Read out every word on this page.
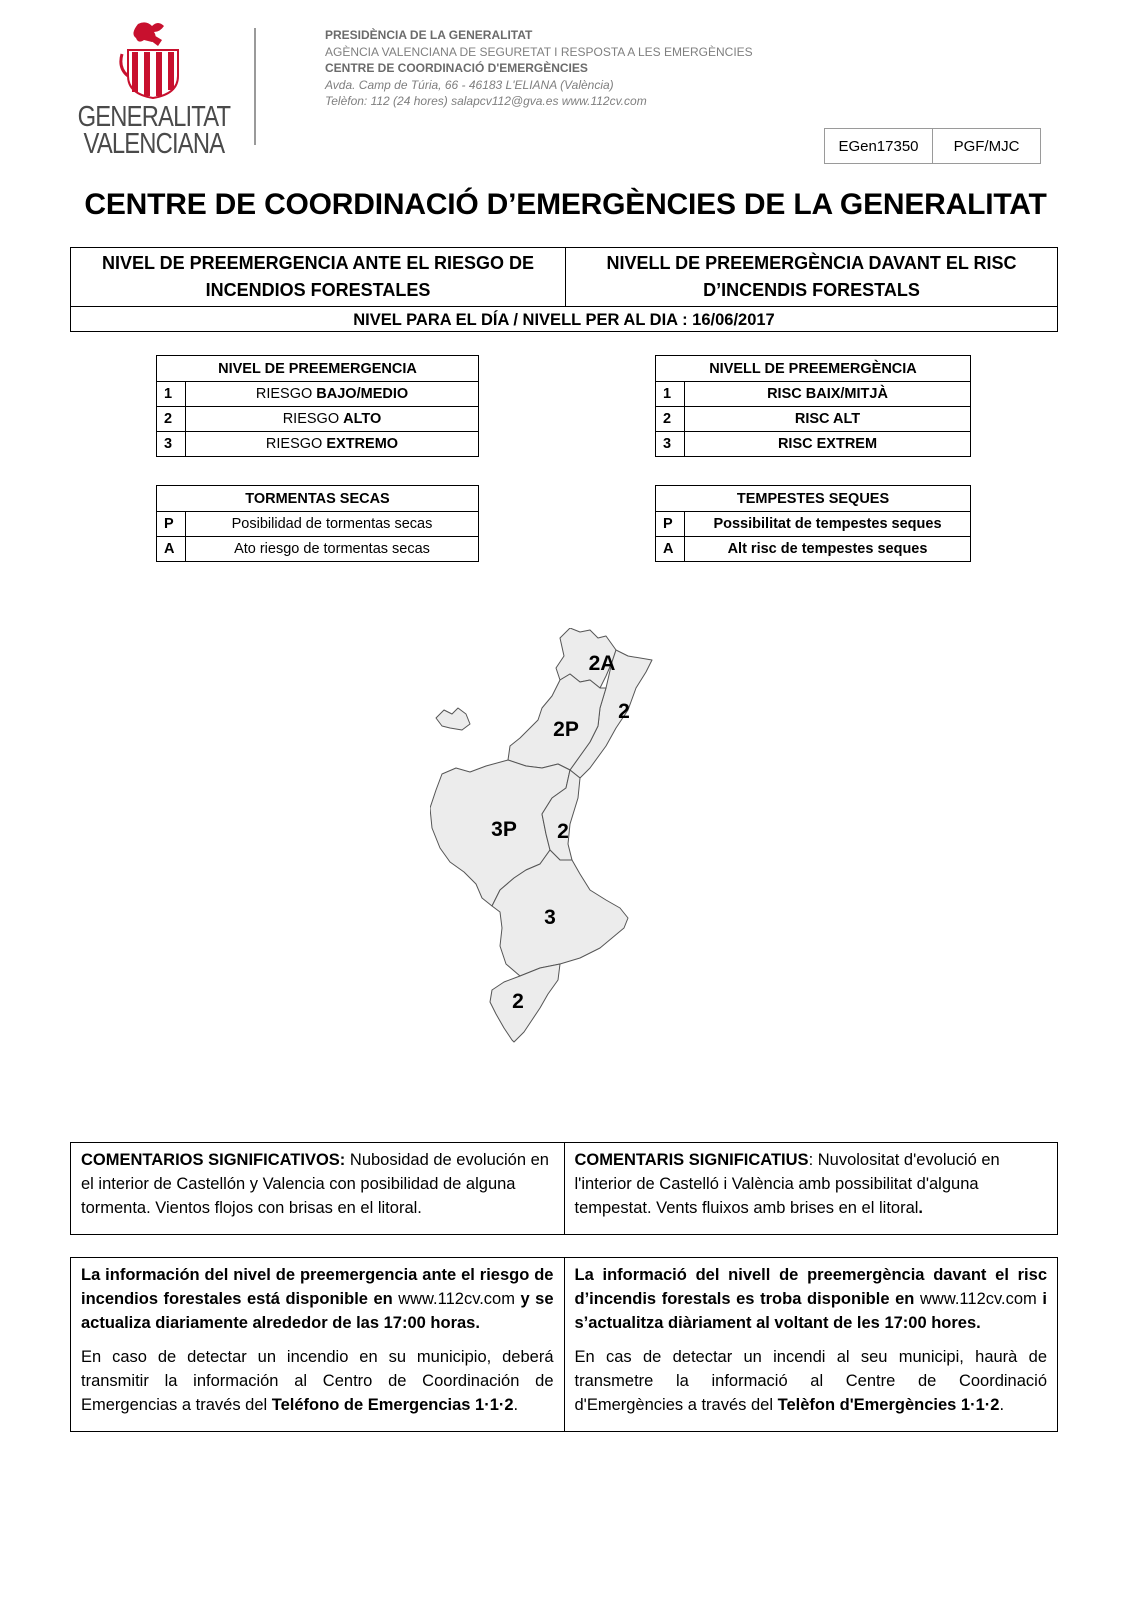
GENERALITAT
VALENCIANA
PRESIDÈNCIA DE LA GENERALITAT
AGÈNCIA VALENCIANA DE SEGURETAT I RESPOSTA A LES EMERGÈNCIES
CENTRE DE COORDINACIÓ D'EMERGÈNCIES
Avda. Camp de Túria, 66 - 46183 L'ELIANA (València)
Telèfon: 112 (24 hores) salapcv112@gva.es www.112cv.com
EGen17350	PGF/MJC
CENTRE DE COORDINACIÓ D’EMERGÈNCIES DE LA GENERALITAT
NIVEL DE PREEMERGENCIA ANTE EL RIESGO DE INCENDIOS FORESTALES
NIVELL DE PREEMERGÈNCIA DAVANT EL RISC D’INCENDIS FORESTALS
NIVEL PARA EL DÍA / NIVELL PER AL DIA : 16/06/2017
NIVEL DE PREEMERGENCIA	
1	RIESGO BAJO/MEDIO
2	RIESGO ALTO
3	RIESGO EXTREMO
NIVELL DE PREEMERGÈNCIA	
1	RISC BAIX/MITJÀ
2	RISC ALT
3	RISC EXTREM
TORMENTAS SECAS	
P	Posibilidad de tormentas secas
A	Ato riesgo de tormentas secas
TEMPESTES SEQUES	
P	Possibilitat de tempestes seques
A	Alt risc de tempestes seques
2A
2
2P
3P 2
3
2
COMENTARIOS SIGNIFICATIVOS: Nubosidad de evolución en el interior de Castellón y Valencia con posibilidad de alguna tormenta. Vientos flojos con brisas en el litoral.
COMENTARIS SIGNIFICATIUS: Nuvolositat d'evolució en l'interior de Castelló i València amb possibilitat d'alguna tempestat. Vents fluixos amb brises en el litoral.

La información del nivel de preemergencia ante el riesgo de incendios forestales está disponible en www.112cv.com y se actualiza diariamente alrededor de las 17:00 horas.

En caso de detectar un incendio en su municipio, deberá transmitir la información al Centro de Coordinación de Emergencias a través del Teléfono de Emergencias 1·1·2.

La informació del nivell de preemergència davant el risc d’incendis forestals es troba disponible en www.112cv.com i s’actualitza diàriament al voltant de les 17:00 hores.

En cas de detectar un incendi al seu municipi, haurà de transmetre la informació al Centre de Coordinació d'Emergències a través del Telèfon d'Emergències 1·1·2.
